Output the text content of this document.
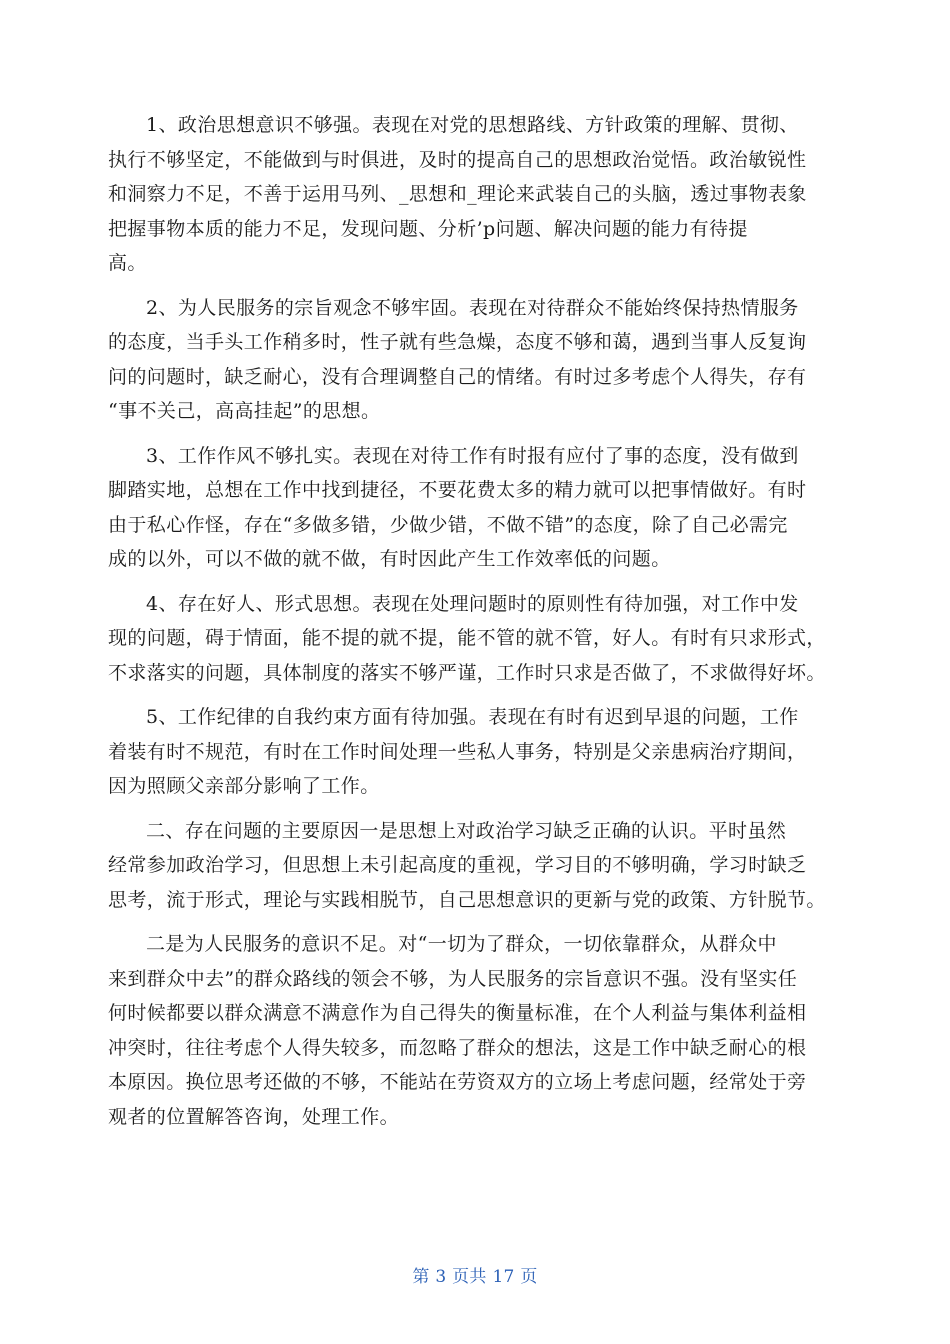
1、政治思想意识不够强。表现在对党的思想路线、方针政策的理解、贯彻、
执行不够坚定，不能做到与时俱进，及时的提高自己的思想政治觉悟。政治敏锐性
和洞察力不足，不善于运用马列、_思想和_理论来武装自己的头脑，透过事物表象
把握事物本质的能力不足，发现问题、分析’p问题、解决问题的能力有待提
高。

2、为人民服务的宗旨观念不够牢固。表现在对待群众不能始终保持热情服务
的态度，当手头工作稍多时，性子就有些急燥，态度不够和蔼，遇到当事人反复询
问的问题时，缺乏耐心，没有合理调整自己的情绪。有时过多考虑个人得失，存有
“事不关己，高高挂起”的思想。

3、工作作风不够扎实。表现在对待工作有时报有应付了事的态度，没有做到
脚踏实地，总想在工作中找到捷径，不要花费太多的精力就可以把事情做好。有时
由于私心作怪，存在“多做多错，少做少错，不做不错”的态度，除了自己必需完
成的以外，可以不做的就不做，有时因此产生工作效率低的问题。

4、存在好人、形式思想。表现在处理问题时的原则性有待加强，对工作中发
现的问题，碍于情面，能不提的就不提，能不管的就不管，好人。有时有只求形式，
不求落实的问题，具体制度的落实不够严谨，工作时只求是否做了，不求做得好坏。

5、工作纪律的自我约束方面有待加强。表现在有时有迟到早退的问题，工作
着装有时不规范，有时在工作时间处理一些私人事务，特别是父亲患病治疗期间，
因为照顾父亲部分影响了工作。

二、存在问题的主要原因一是思想上对政治学习缺乏正确的认识。平时虽然
经常参加政治学习，但思想上未引起高度的重视，学习目的不够明确，学习时缺乏
思考，流于形式，理论与实践相脱节，自己思想意识的更新与党的政策、方针脱节。

二是为人民服务的意识不足。对“一切为了群众，一切依靠群众，从群众中
来到群众中去”的群众路线的领会不够，为人民服务的宗旨意识不强。没有坚实任
何时候都要以群众满意不满意作为自己得失的衡量标准，在个人利益与集体利益相
冲突时，往往考虑个人得失较多，而忽略了群众的想法，这是工作中缺乏耐心的根
本原因。换位思考还做的不够，不能站在劳资双方的立场上考虑问题，经常处于旁
观者的位置解答咨询，处理工作。

第 3 页共 17 页
